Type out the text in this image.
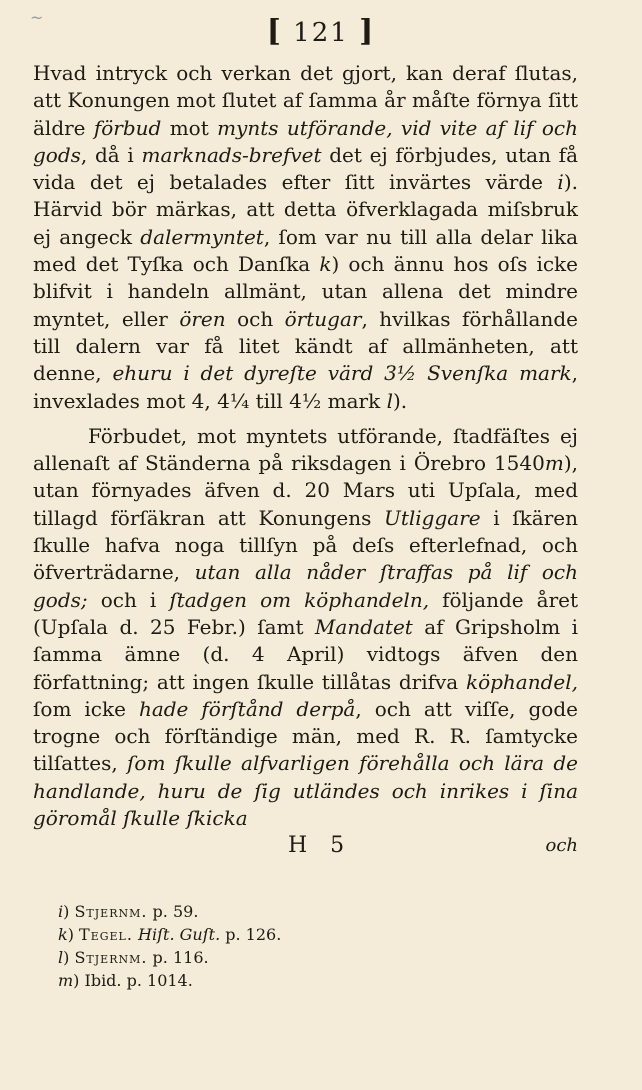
~	[ 121 ]

Hvad intryck och verkan det gjort, kan deraf ſlutas, att Konungen mot ſlutet af ſamma år måſte förnya ſitt äldre förbud mot mynts utförande, vid vite af lif och gods, då i marknads-brefvet det ej förbjudes, utan få vida det ej betalades efter ſitt invärtes värde i). Härvid bör märkas, att detta öfverklagada miſsbruk ej angeck dalermyntet, ſom var nu till alla delar lika med det Tyſka och Danſka k) och ännu hos oſs icke blifvit i handeln allmänt, utan allena det mindre myntet, eller ören och örtugar, hvilkas förhållande till dalern var få litet kändt af allmänheten, att denne, ehuru i det dyreſte värd 3½ Svenſka mark, invexlades mot 4, 4¼ till 4½ mark l).

Förbudet, mot myntets utförande, ſtadfäſtes ej allenaſt af Ständerna på riksdagen i Örebro 1540m), utan förnyades äfven d. 20 Mars uti Upſala, med tillagd förſäkran att Konungens Utliggare i ſkären ſkulle hafva noga tillſyn på deſs efterlefnad, och öfverträdarne, utan alla nåder ſtraffas på lif och gods; och i ſtadgen om köphandeln, följande året (Upſala d. 25 Febr.) ſamt Mandatet af Gripsholm i ſamma ämne (d. 4 April) vidtogs äfven den författning; att ingen ſkulle tillåtas drifva köphandel, ſom icke hade förſtånd derpå, och att viſſe, gode trogne och förſtändige män, med R. R. ſamtycke tilſattes, ſom ſkulle alfvarligen förehålla och lära de handlande, huru de ſig utländes och inrikes i ſina göromål ſkulle ſkicka

H 5	och
i) Stjernm. p. 59.
k) Tegel. Hiſt. Guſt. p. 126.
l) Stjernm. p. 116.
m) Ibid. p. 1014.
